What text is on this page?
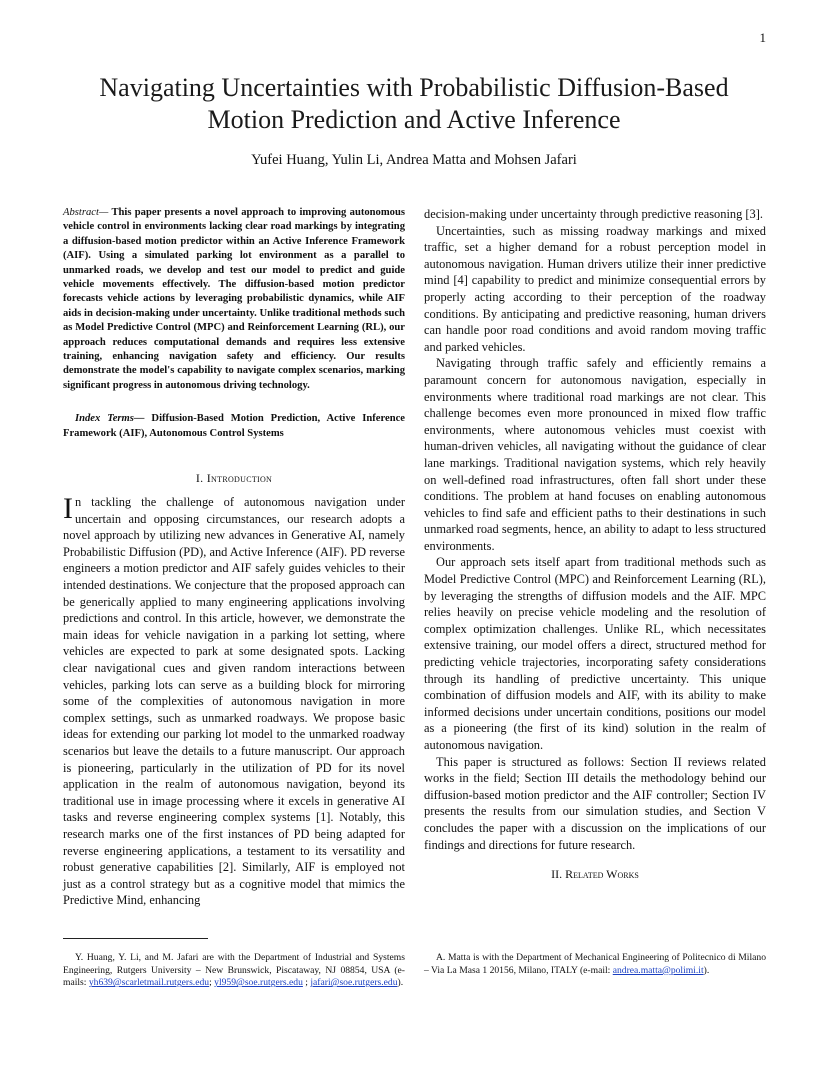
1
Navigating Uncertainties with Probabilistic Diffusion-Based Motion Prediction and Active Inference
Yufei Huang, Yulin Li, Andrea Matta and Mohsen Jafari

Abstract— This paper presents a novel approach to improving autonomous vehicle control in environments lacking clear road markings by integrating a diffusion-based motion predictor within an Active Inference Framework (AIF). Using a simulated parking lot environment as a parallel to unmarked roads, we develop and test our model to predict and guide vehicle movements effectively. The diffusion-based motion predictor forecasts vehicle actions by leveraging probabilistic dynamics, while AIF aids in decision-making under uncertainty. Unlike traditional methods such as Model Predictive Control (MPC) and Reinforcement Learning (RL), our approach reduces computational demands and requires less extensive training, enhancing navigation safety and efficiency. Our results demonstrate the model's capability to navigate complex scenarios, marking significant progress in autonomous driving technology.

Index Terms— Diffusion-Based Motion Prediction, Active Inference Framework (AIF), Autonomous Control Systems

I. Introduction

In tackling the challenge of autonomous navigation under uncertain and opposing circumstances, our research adopts a novel approach by utilizing new advances in Generative AI, namely Probabilistic Diffusion (PD), and Active Inference (AIF). PD reverse engineers a motion predictor and AIF safely guides vehicles to their intended destinations. We conjecture that the proposed approach can be generically applied to many engineering applications involving predictions and control. In this article, however, we demonstrate the main ideas for vehicle navigation in a parking lot setting, where vehicles are expected to park at some designated spots. Lacking clear navigational cues and given random interactions between vehicles, parking lots can serve as a building block for mirroring some of the complexities of autonomous navigation in more complex settings, such as unmarked roadways. We propose basic ideas for extending our parking lot model to the unmarked roadway scenarios but leave the details to a future manuscript. Our approach is pioneering, particularly in the utilization of PD for its novel application in the realm of autonomous navigation, beyond its traditional use in image processing where it excels in generative AI tasks and reverse engineering complex systems [1]. Notably, this research marks one of the first instances of PD being adapted for reverse engineering applications, a testament to its versatility and robust generative capabilities [2]. Similarly, AIF is employed not just as a control strategy but as a cognitive model that mimics the Predictive Mind, enhancing

decision-making under uncertainty through predictive reasoning [3].

Uncertainties, such as missing roadway markings and mixed traffic, set a higher demand for a robust perception model in autonomous navigation. Human drivers utilize their inner predictive mind [4] capability to predict and minimize consequential errors by properly acting according to their perception of the roadway conditions. By anticipating and predictive reasoning, human drivers can handle poor road conditions and avoid random moving traffic and parked vehicles.

Navigating through traffic safely and efficiently remains a paramount concern for autonomous navigation, especially in environments where traditional road markings are not clear. This challenge becomes even more pronounced in mixed flow traffic environments, where autonomous vehicles must coexist with human-driven vehicles, all navigating without the guidance of clear lane markings. Traditional navigation systems, which rely heavily on well-defined road infrastructures, often fall short under these conditions. The problem at hand focuses on enabling autonomous vehicles to find safe and efficient paths to their destinations in such unmarked road segments, hence, an ability to adapt to less structured environments.

Our approach sets itself apart from traditional methods such as Model Predictive Control (MPC) and Reinforcement Learning (RL), by leveraging the strengths of diffusion models and the AIF. MPC relies heavily on precise vehicle modeling and the resolution of complex optimization challenges. Unlike RL, which necessitates extensive training, our model offers a direct, structured method for predicting vehicle trajectories, incorporating safety considerations through its handling of predictive uncertainty. This unique combination of diffusion models and AIF, with its ability to make informed decisions under uncertain conditions, positions our model as a pioneering (the first of its kind) solution in the realm of autonomous navigation.

This paper is structured as follows: Section II reviews related works in the field; Section III details the methodology behind our diffusion-based motion predictor and the AIF controller; Section IV presents the results from our simulation studies, and Section V concludes the paper with a discussion on the implications of our findings and directions for future research.

II. Related Works
Y. Huang, Y. Li, and M. Jafari are with the Department of Industrial and Systems Engineering, Rutgers University – New Brunswick, Piscataway, NJ 08854, USA (e-mails: yh639@scarletmail.rutgers.edu; yl959@soe.rutgers.edu ; jafari@soe.rutgers.edu).
A. Matta is with the Department of Mechanical Engineering of Politecnico di Milano – Via La Masa 1 20156, Milano, ITALY (e-mail: andrea.matta@polimi.it).
